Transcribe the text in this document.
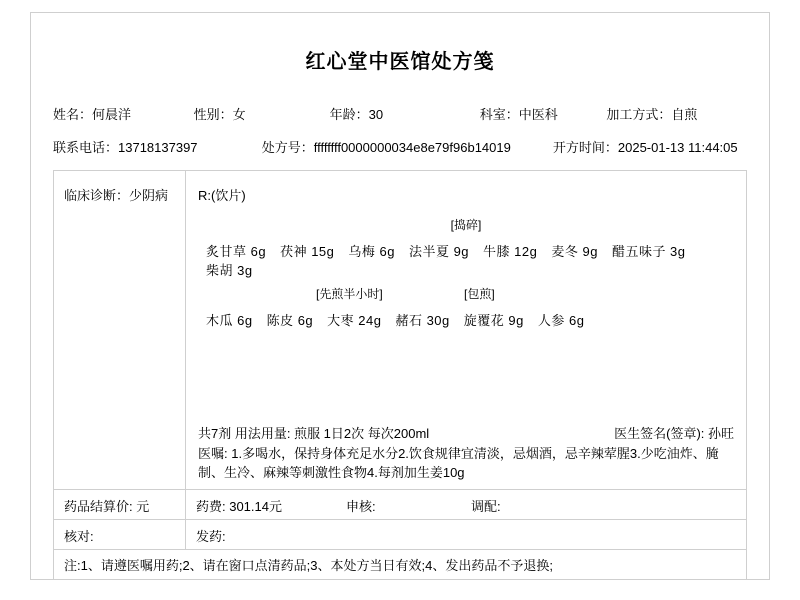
红心堂中医馆处方笺
姓名：何晨洋	性别：女	年龄：30	科室：中医科	加工方式：自煎
联系电话：13718137397	处方号：ffffffff0000000034e8e79f96b14019	开方时间：2025-01-13 11:44:05
临床诊断：少阴病	R:(饮片)
[捣碎]
炙甘草 6g 茯神 15g 乌梅 6g 法半夏 9g 牛膝 12g 麦冬 9g 醋五味子 3g柴胡 3g
[先煎半小时]	[包煎]
木瓜 6g 陈皮 6g 大枣 24g 赭石 30g 旋覆花 9g 人参 6g
共7剂 用法用量: 煎服 1日2次 每次200ml	医生签名(签章): 孙旺
医嘱: 1.多喝水，保持身体充足水分2.饮食规律宜清淡，忌烟酒，忌辛辣荤腥3.少吃油炸、腌制、生冷、麻辣等刺激性食物4.每剂加生姜10g
药品结算价: 元	药费: 301.14元	申核:	调配:
核对:	发药:
注:1、请遵医嘱用药;2、请在窗口点清药品;3、本处方当日有效;4、发出药品不予退换;
